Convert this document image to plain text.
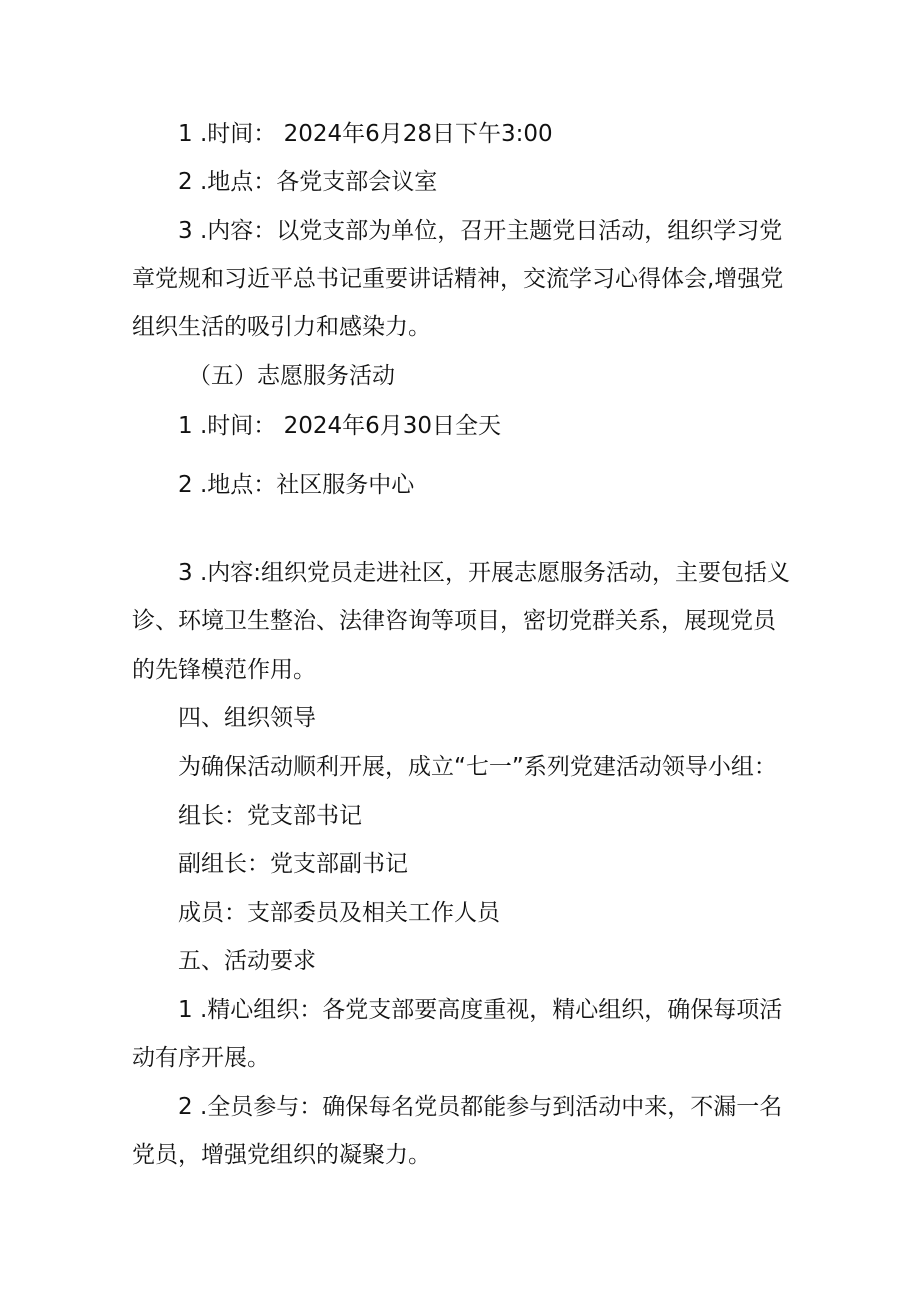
1 .时间： 2024年6月28日下午3:00
2 .地点：各党支部会议室
3 .内容：以党支部为单位，召开主题党日活动，组织学习党
章党规和习近平总书记重要讲话精神，交流学习心得体会,增强党
组织生活的吸引力和感染力。
（五）志愿服务活动
1 .时间： 2024年6月30日全天
2 .地点：社区服务中心
3 .内容:组织党员走进社区，开展志愿服务活动，主要包括义
诊、环境卫生整治、法律咨询等项目，密切党群关系，展现党员
的先锋模范作用。
四、组织领导
为确保活动顺利开展，成立“七一”系列党建活动领导小组：
组长：党支部书记
副组长：党支部副书记
成员：支部委员及相关工作人员
五、活动要求
1 .精心组织：各党支部要高度重视，精心组织，确保每项活
动有序开展。
2 .全员参与：确保每名党员都能参与到活动中来，不漏一名
党员，增强党组织的凝聚力。
